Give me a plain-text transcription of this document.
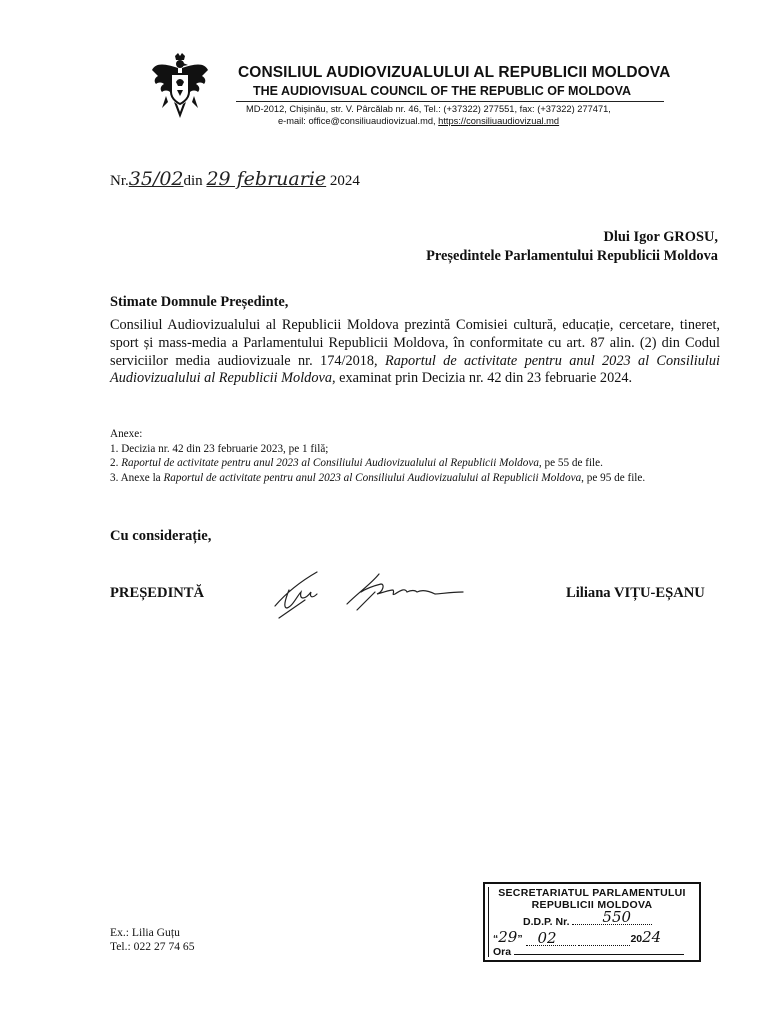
CONSILIUL AUDIOVIZUALULUI AL REPUBLICII MOLDOVA
THE AUDIOVISUAL COUNCIL OF THE REPUBLIC OF MOLDOVA
MD-2012, Chișinău, str. V. Pârcălab nr. 46, Tel.: (+37322) 277551, fax: (+37322) 277471,
e-mail: office@consiliuaudiovizual.md, https://consiliuaudiovizual.md
Nr.35/02din 29 februarie 2024
Dlui Igor GROSU,
Președintele Parlamentului Republicii Moldova
Stimate Domnule Președinte,
Consiliul Audiovizualului al Republicii Moldova prezintă Comisiei cultură, educație, cercetare, tineret, sport și mass-media a Parlamentului Republicii Moldova, în conformitate cu art. 87 alin. (2) din Codul serviciilor media audiovizuale nr. 174/2018, Raportul de activitate pentru anul 2023 al Consiliului Audiovizualului al Republicii Moldova, examinat prin Decizia nr. 42 din 23 februarie 2024.
Anexe:
1. Decizia nr. 42 din 23 februarie 2023, pe 1 filă;
2. Raportul de activitate pentru anul 2023 al Consiliului Audiovizualului al Republicii Moldova, pe 55 de file.
3. Anexe la Raportul de activitate pentru anul 2023 al Consiliului Audiovizualului al Republicii Moldova, pe 95 de file.
Cu considerație,
PREȘEDINTĂ	Liliana VIȚU-EȘANU
Ex.: Lilia Guțu
Tel.: 022 27 74 65
SECRETARIATUL PARLAMENTULUI
REPUBLICII MOLDOVA
D.D.P. Nr. 550
“29” 02	2024
Ora
